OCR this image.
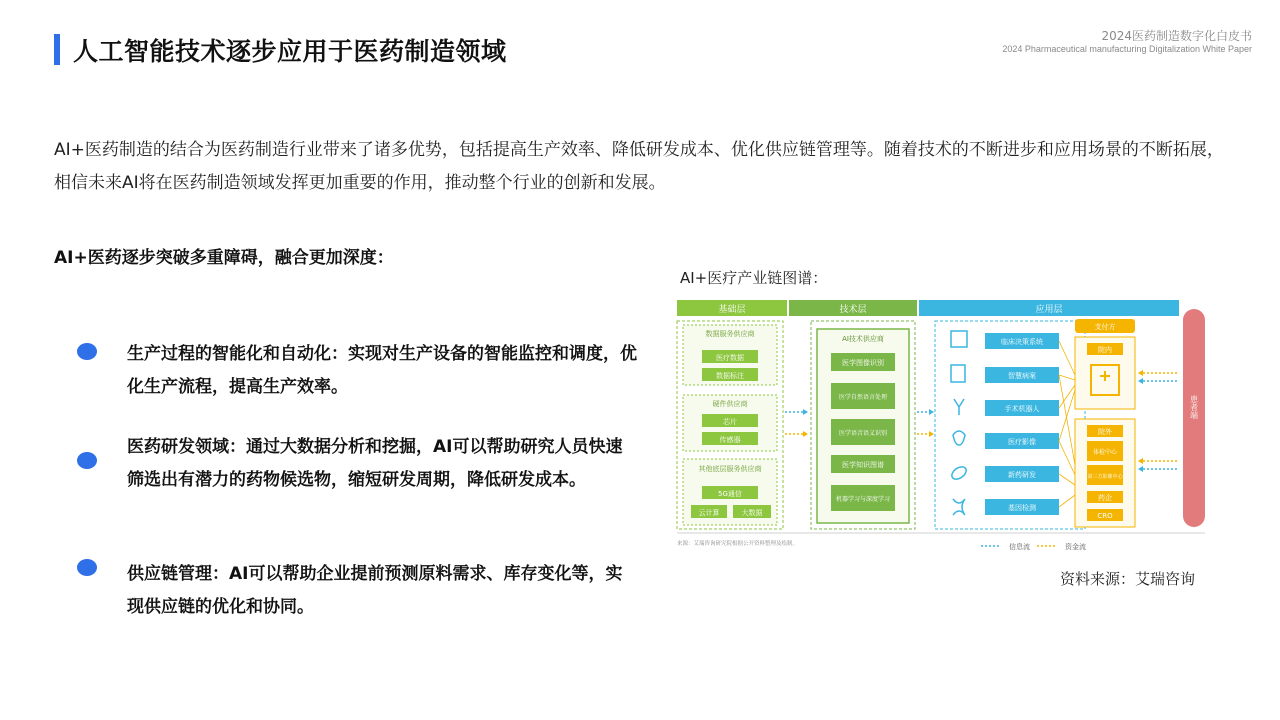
人工智能技术逐步应用于医药制造领域
2024医药制造数字化白皮书
2024 Pharmaceutical manufacturing Digitalization White Paper
AI+医药制造的结合为医药制造行业带来了诸多优势，包括提高生产效率、降低研发成本、优化供应链管理等。随着技术的不断进步和应用场景的不断拓展，相信未来AI将在医药制造领域发挥更加重要的作用，推动整个行业的创新和发展。
AI+医药逐步突破多重障碍，融合更加深度：
生产过程的智能化和自动化：实现对生产设备的智能监控和调度，优化生产流程，提高生产效率。
医药研发领域：通过大数据分析和挖掘，AI可以帮助研究人员快速筛选出有潜力的药物候选物，缩短研发周期，降低研发成本。
供应链管理：AI可以帮助企业提前预测原料需求、库存变化等，实现供应链的优化和协同。
AI+医疗产业链图谱：
基础层	技术层	应用层
数据服务供应商
医疗数据
数据标注
硬件供应商
芯片
传感器
其他底层服务供应商
5G通信
云计算	大数据
AI技术供应商
医学图像识别
医学自然语言处理
医学语音语义识别
医学知识图谱
机器学习与深度学习
临床决策系统
智慧病案
手术机器人
医疗影像
新药研发
基因检测
支付方
院内
院外
体检中心
第三方影像中心
药企
CRO
患者端
来源：艾瑞咨询研究院根据公开资料整理及绘制。	信息流	资金流
资料来源：艾瑞咨询
